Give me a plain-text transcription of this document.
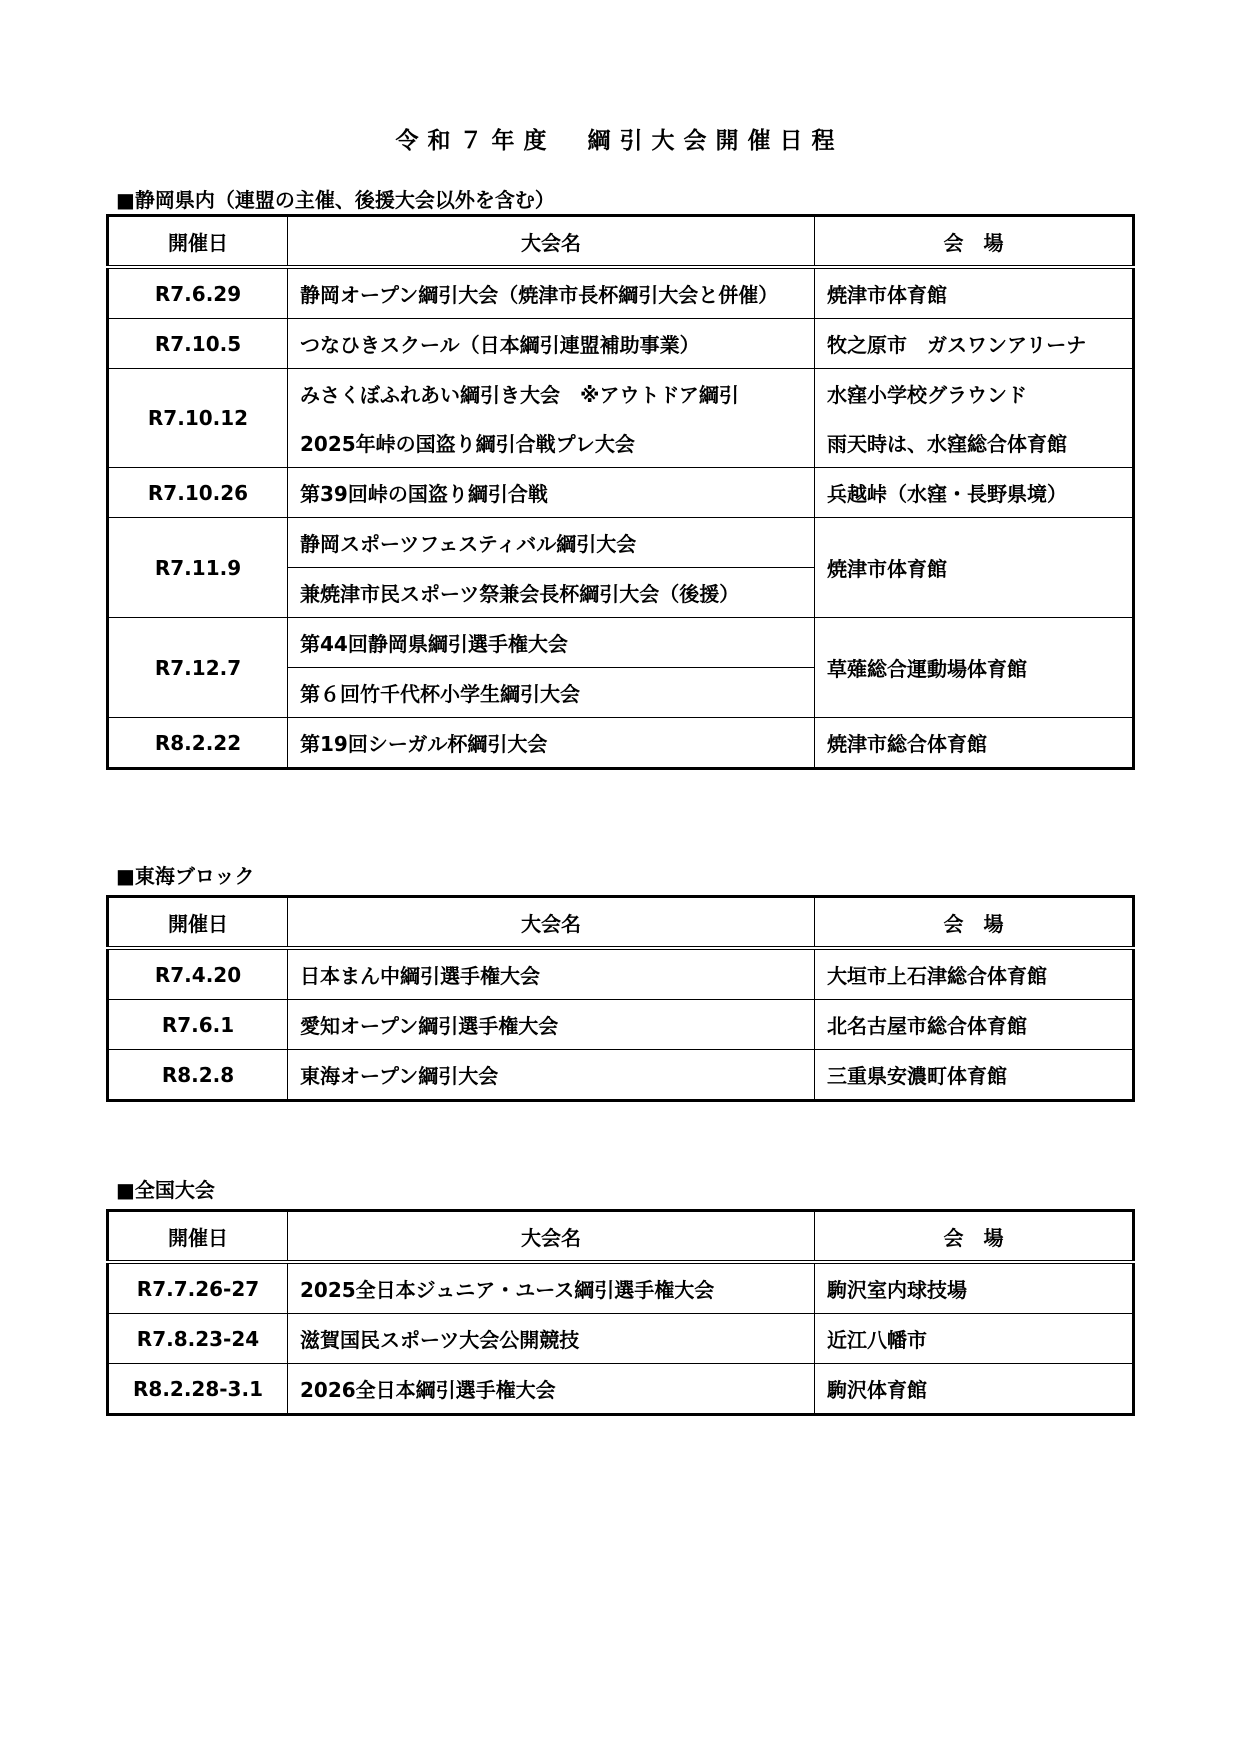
令和７年度　綱引大会開催日程
■静岡県内（連盟の主催、後援大会以外を含む）
開催日	大会名	会　場
R7.6.29	静岡オープン綱引大会（焼津市長杯綱引大会と併催）	焼津市体育館
R7.10.5	つなひきスクール（日本綱引連盟補助事業）	牧之原市　ガスワンアリーナ
R7.10.12	みさくぼふれあい綱引き大会　※アウトドア綱引	水窪小学校グラウンド
	2025年峠の国盗り綱引合戦プレ大会	雨天時は、水窪総合体育館
R7.10.26	第39回峠の国盗り綱引合戦	兵越峠（水窪・長野県境）
R7.11.9	静岡スポーツフェスティバル綱引大会	焼津市体育館
	兼焼津市民スポーツ祭兼会長杯綱引大会（後援）	
R7.12.7	第44回静岡県綱引選手権大会	草薙総合運動場体育館
	第６回竹千代杯小学生綱引大会	
R8.2.22	第19回シーガル杯綱引大会	焼津市総合体育館
■東海ブロック
開催日	大会名	会　場
R7.4.20	日本まん中綱引選手権大会	大垣市上石津総合体育館
R7.6.1	愛知オープン綱引選手権大会	北名古屋市総合体育館
R8.2.8	東海オープン綱引大会	三重県安濃町体育館
■全国大会
開催日	大会名	会　場
R7.7.26-27	2025全日本ジュニア・ユース綱引選手権大会	駒沢室内球技場
R7.8.23-24	滋賀国民スポーツ大会公開競技	近江八幡市
R8.2.28-3.1	2026全日本綱引選手権大会	駒沢体育館
